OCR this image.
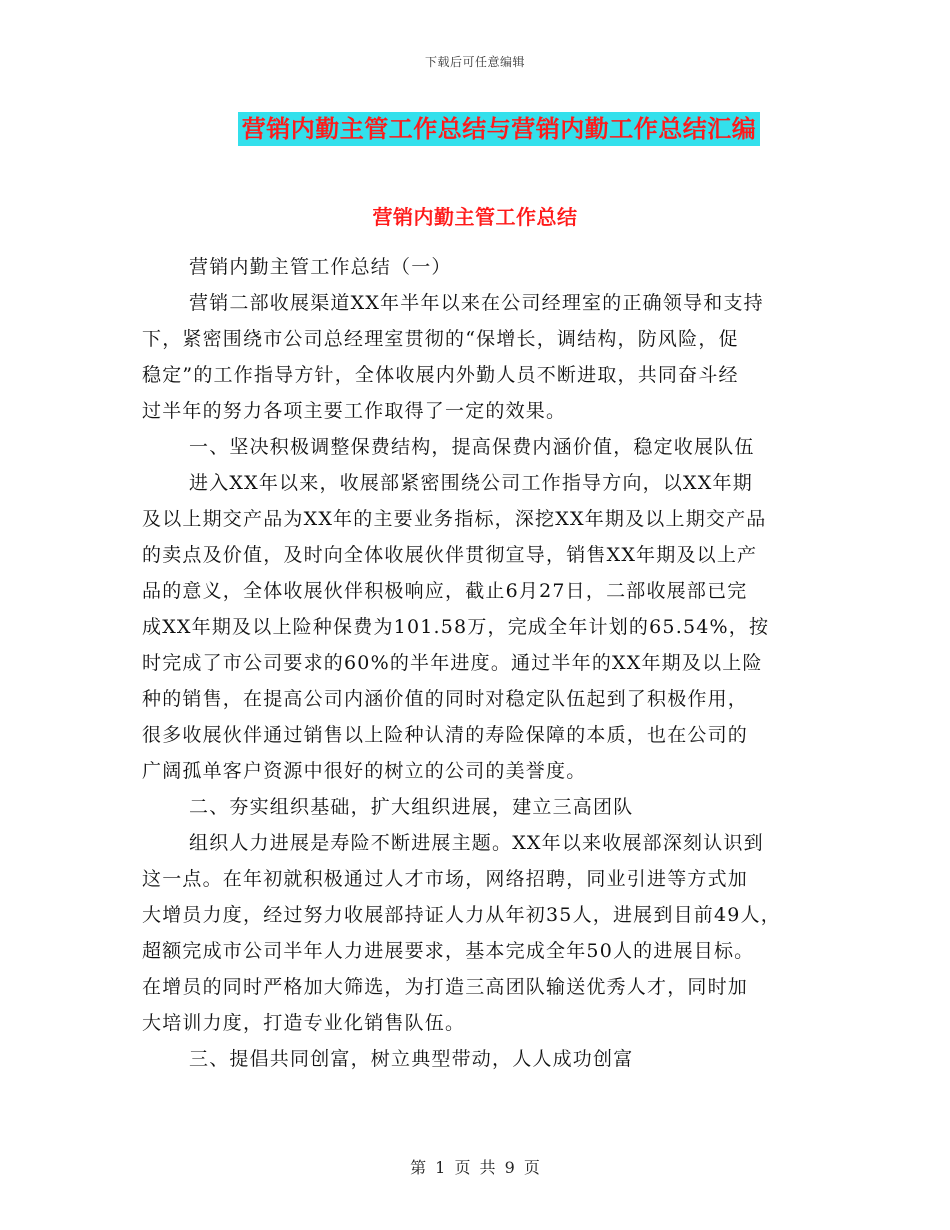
下载后可任意编辑
营销内勤主管工作总结与营销内勤工作总结汇编
营销内勤主管工作总结
营销内勤主管工作总结（一）
营销二部收展渠道XX年半年以来在公司经理室的正确领导和支持
下，紧密围绕市公司总经理室贯彻的“保增长，调结构，防风险，促
稳定”的工作指导方针，全体收展内外勤人员不断进取，共同奋斗经
过半年的努力各项主要工作取得了一定的效果。
一、坚决积极调整保费结构，提高保费内涵价值，稳定收展队伍
进入XX年以来，收展部紧密围绕公司工作指导方向，以XX年期
及以上期交产品为XX年的主要业务指标，深挖XX年期及以上期交产品
的卖点及价值，及时向全体收展伙伴贯彻宣导，销售XX年期及以上产
品的意义，全体收展伙伴积极响应，截止6月27日，二部收展部已完
成XX年期及以上险种保费为101.58万，完成全年计划的65.54%，按
时完成了市公司要求的60%的半年进度。通过半年的XX年期及以上险
种的销售，在提高公司内涵价值的同时对稳定队伍起到了积极作用，
很多收展伙伴通过销售以上险种认清的寿险保障的本质，也在公司的
广阔孤单客户资源中很好的树立的公司的美誉度。
二、夯实组织基础，扩大组织进展，建立三高团队
组织人力进展是寿险不断进展主题。XX年以来收展部深刻认识到
这一点。在年初就积极通过人才市场，网络招聘，同业引进等方式加
大增员力度，经过努力收展部持证人力从年初35人，进展到目前49人，
超额完成市公司半年人力进展要求，基本完成全年50人的进展目标。
在增员的同时严格加大筛选，为打造三高团队输送优秀人才，同时加
大培训力度，打造专业化销售队伍。
三、提倡共同创富，树立典型带动，人人成功创富
第 1 页 共 9 页
